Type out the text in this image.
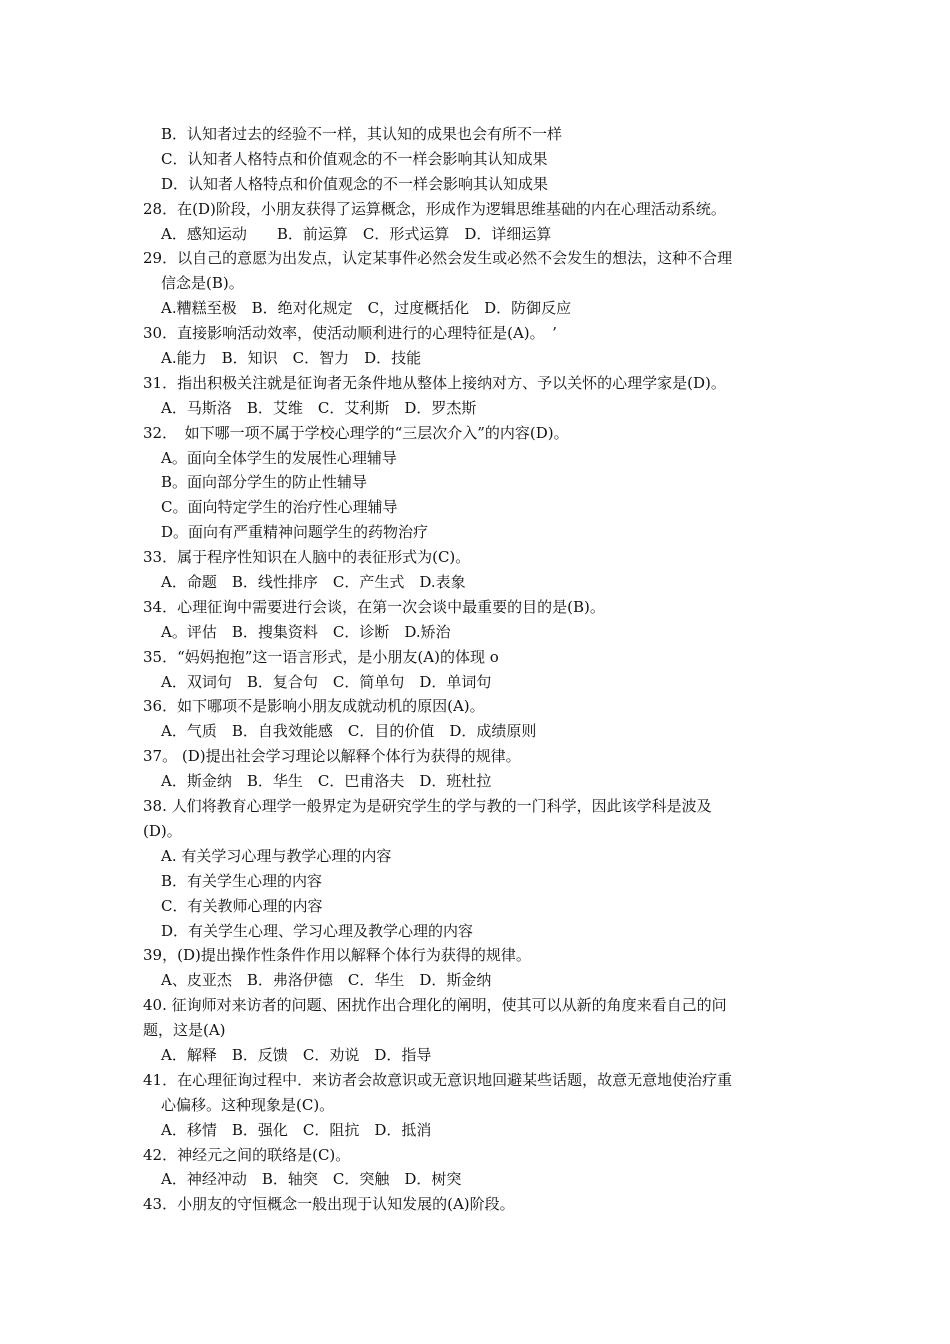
B．认知者过去的经验不一样，其认知的成果也会有所不一样
C．认知者人格特点和价值观念的不一样会影响其认知成果
D．认知者人格特点和价值观念的不一样会影响其认知成果
28．在(D)阶段，小朋友获得了运算概念，形成作为逻辑思维基础的内在心理活动系统。
A．感知运动　　B．前运算　C．形式运算　D．详细运算
29．以自己的意愿为出发点，认定某事件必然会发生或必然不会发生的想法，这种不合理
信念是(B)。
A.糟糕至极　B．绝对化规定　C，过度概括化　D．防御反应
30．直接影响活动效率，使活动顺利进行的心理特征是(A)。　’
A.能力　B．知识　C．智力　D．技能
31．指出积极关注就是征询者无条件地从整体上接纳对方、予以关怀的心理学家是(D)。
A．马斯洛　B．艾维　C．艾利斯　D．罗杰斯
32．　如下哪一项不属于学校心理学的“三层次介入”的内容(D)。
A。面向全体学生的发展性心理辅导
B。面向部分学生的防止性辅导
C。面向特定学生的治疗性心理辅导
D。面向有严重精神问题学生的药物治疗
33．属于程序性知识在人脑中的表征形式为(C)。
A．命题　B．线性排序　C．产生式　D.表象
34．心理征询中需要进行会谈，在第一次会谈中最重要的目的是(B)。
A。评估　B．搜集资料　C．诊断　D.矫治
35．“妈妈抱抱”这一语言形式，是小朋友(A)的体现 o
A．双词句　B．复合句　C．简单句　D．单词句
36．如下哪项不是影响小朋友成就动机的原因(A)。
A．气质　B．自我效能感　C．目的价值　D．成绩原则
37。 (D)提出社会学习理论以解释个体行为获得的规律。
A．斯金纳　B．华生　C．巴甫洛夫　D．班杜拉
38. 人们将教育心理学一般界定为是研究学生的学与教的一门科学，因此该学科是波及
(D)。
A. 有关学习心理与教学心理的内容
B．有关学生心理的内容
C．有关教师心理的内容
D．有关学生心理、学习心理及教学心理的内容
39，(D)提出操作性条件作用以解释个体行为获得的规律。
A、皮亚杰　B．弗洛伊德　C．华生　D．斯金纳
40. 征询师对来访者的问题、困扰作出合理化的阐明，使其可以从新的角度来看自己的问
题，这是(A)
A．解释　B．反馈　C．劝说　D．指导
41．在心理征询过程中．来访者会故意识或无意识地回避某些话题，故意无意地使治疗重
心偏移。这种现象是(C)。
A．移情　B．强化　C．阻抗　D．抵消
42．神经元之间的联络是(C)。
A．神经冲动　B．轴突　C．突触　D．树突
43．小朋友的守恒概念一般出现于认知发展的(A)阶段。
